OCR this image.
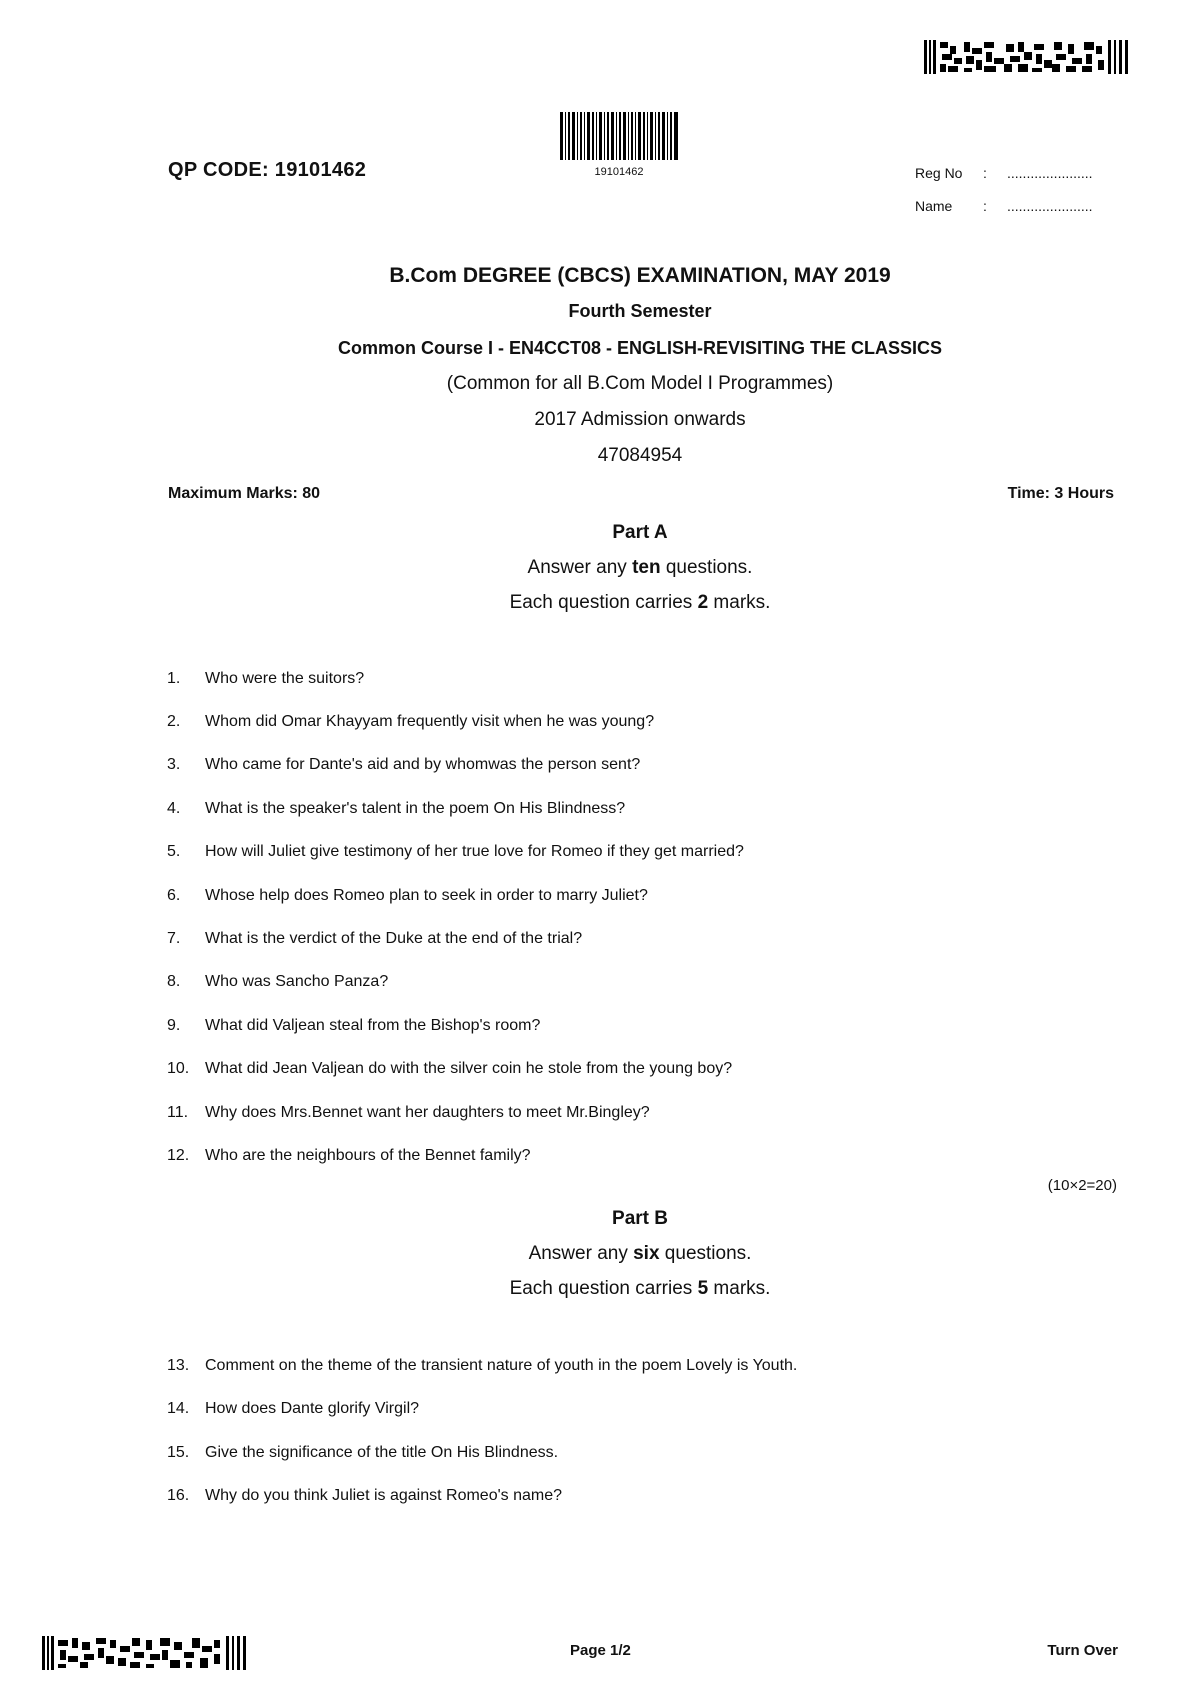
QP CODE: 19101462	19101462	Reg No : ......................
Name : ......................
B.Com DEGREE (CBCS) EXAMINATION, MAY 2019
Fourth Semester
Common Course I - EN4CCT08 - ENGLISH-REVISITING THE CLASSICS
(Common for all B.Com Model I Programmes)
2017 Admission onwards
47084954
Maximum Marks: 80	Time: 3 Hours
Part A
Answer any ten questions.
Each question carries 2 marks.
1. Who were the suitors?
2. Whom did Omar Khayyam frequently visit when he was young?
3. Who came for Dante's aid and by whomwas the person sent?
4. What is the speaker's talent in the poem On His Blindness?
5. How will Juliet give testimony of her true love for Romeo if they get married?
6. Whose help does Romeo plan to seek in order to marry Juliet?
7. What is the verdict of the Duke at the end of the trial?
8. Who was Sancho Panza?
9. What did Valjean steal from the Bishop's room?
10. What did Jean Valjean do with the silver coin he stole from the young boy?
11. Why does Mrs.Bennet want her daughters to meet Mr.Bingley?
12. Who are the neighbours of the Bennet family?
(10×2=20)
Part B
Answer any six questions.
Each question carries 5 marks.
13. Comment on the theme of the transient nature of youth in the poem Lovely is Youth.
14. How does Dante glorify Virgil?
15. Give the significance of the title On His Blindness.
16. Why do you think Juliet is against Romeo's name?
Page 1/2	Turn Over
